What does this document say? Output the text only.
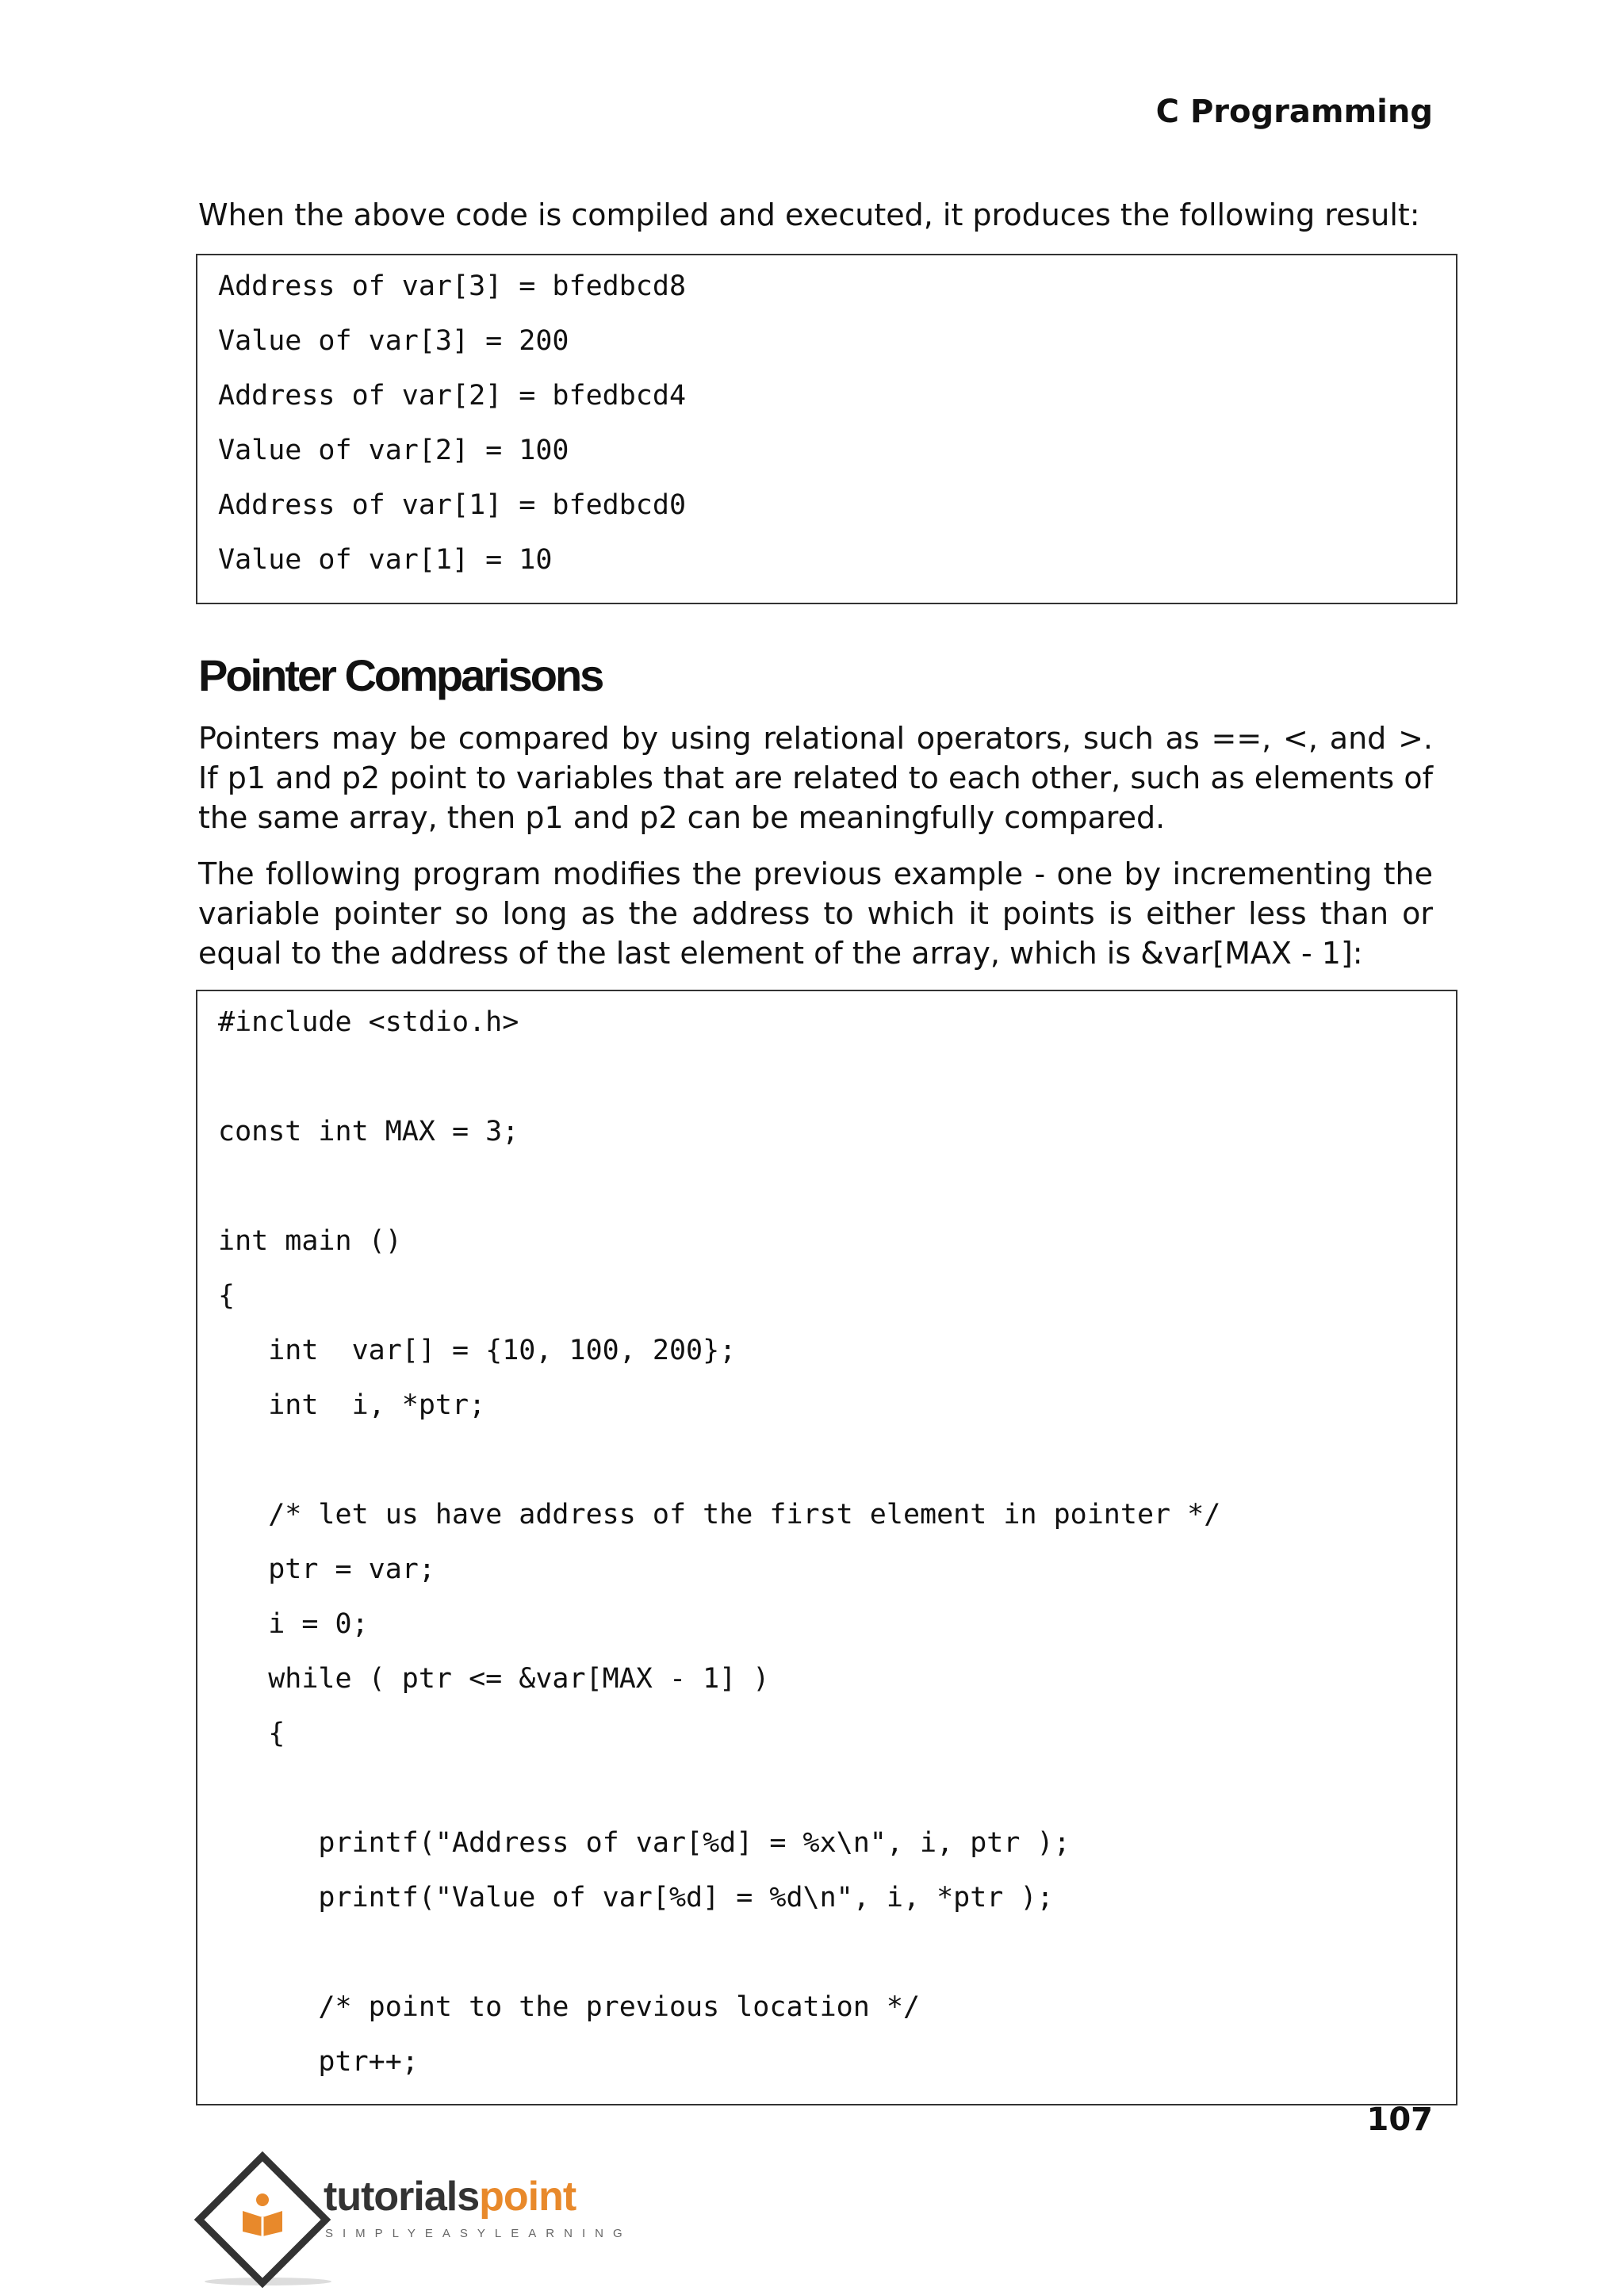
C Programming

When the above code is compiled and executed, it produces the following result:

Address of var[3] = bfedbcd8
Value of var[3] = 200
Address of var[2] = bfedbcd4
Value of var[2] = 100
Address of var[1] = bfedbcd0
Value of var[1] = 10
Pointer Comparisons

Pointers may be compared by using relational operators, such as ==, <, and >. If p1 and p2 point to variables that are related to each other, such as elements of the same array, then p1 and p2 can be meaningfully compared.

The following program modifies the previous example - one by incrementing the variable pointer so long as the address to which it points is either less than or equal to the address of the last element of the array, which is &var[MAX - 1]:

#include <stdio.h>
const int MAX = 3;
int main ()
{
int  var[] = {10, 100, 200};
int  i, *ptr;
/* let us have address of the first element in pointer */
ptr = var;
i = 0;
while ( ptr <= &var[MAX - 1] )
{
printf("Address of var[%d] = %x\n", i, ptr );
printf("Value of var[%d] = %d\n", i, *ptr );
/* point to the previous location */
ptr++;
107
tutorialspoint
SIMPLYEASYLEARNING
